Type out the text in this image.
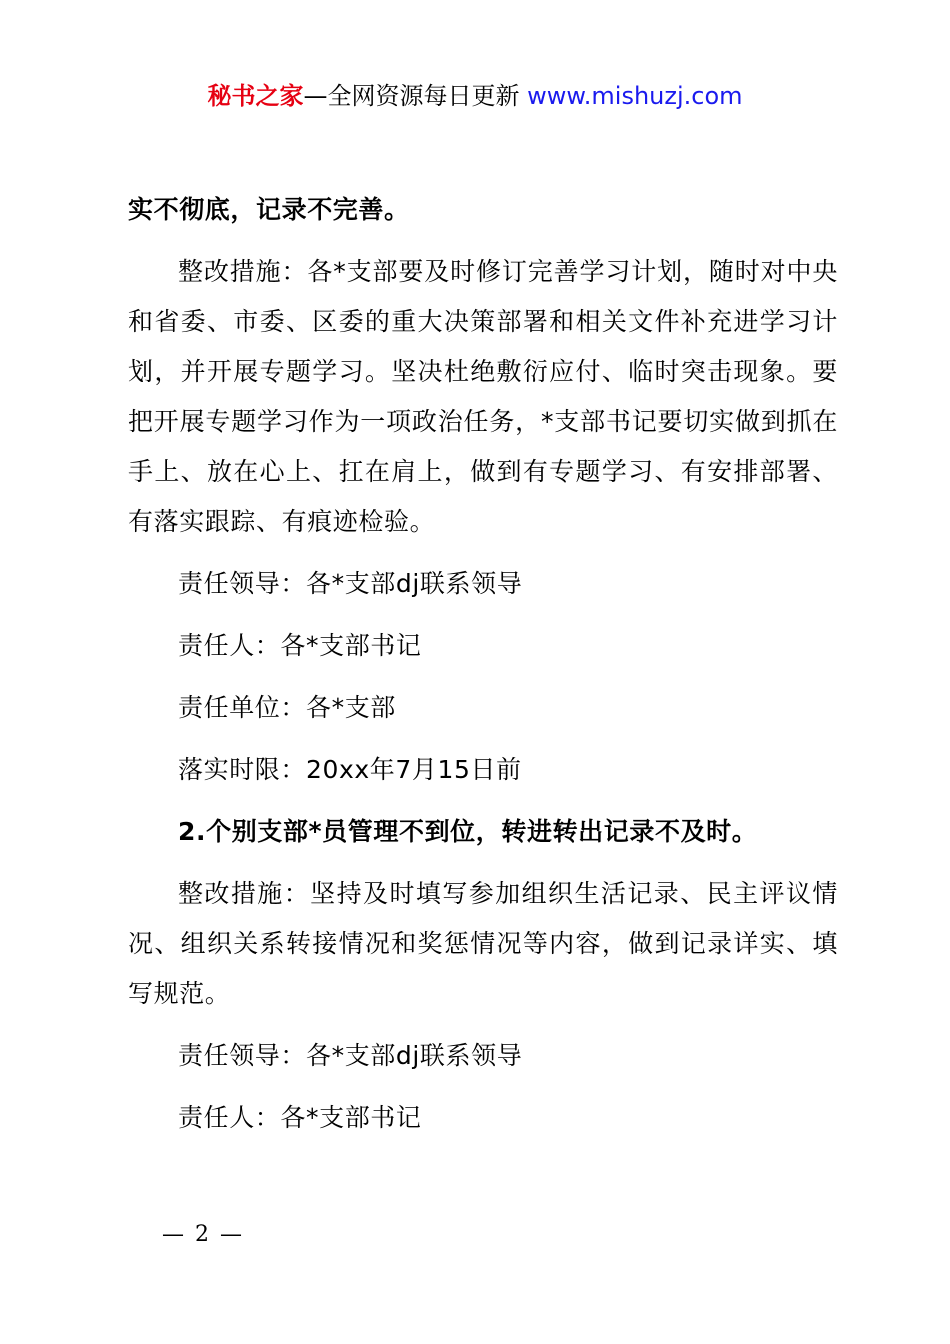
秘书之家—全网资源每日更新 www.mishuzj.com

实不彻底，记录不完善。

整改措施：各*支部要及时修订完善学习计划，随时对中央和省委、市委、区委的重大决策部署和相关文件补充进学习计划，并开展专题学习。坚决杜绝敷衍应付、临时突击现象。要把开展专题学习作为一项政治任务，*支部书记要切实做到抓在手上、放在心上、扛在肩上，做到有专题学习、有安排部署、有落实跟踪、有痕迹检验。

责任领导：各*支部dj联系领导

责任人：各*支部书记

责任单位：各*支部

落实时限：20xx年7月15日前

2.个别支部*员管理不到位，转进转出记录不及时。

整改措施：坚持及时填写参加组织生活记录、民主评议情况、组织关系转接情况和奖惩情况等内容，做到记录详实、填写规范。

责任领导：各*支部dj联系领导

责任人：各*支部书记

— 2 —
